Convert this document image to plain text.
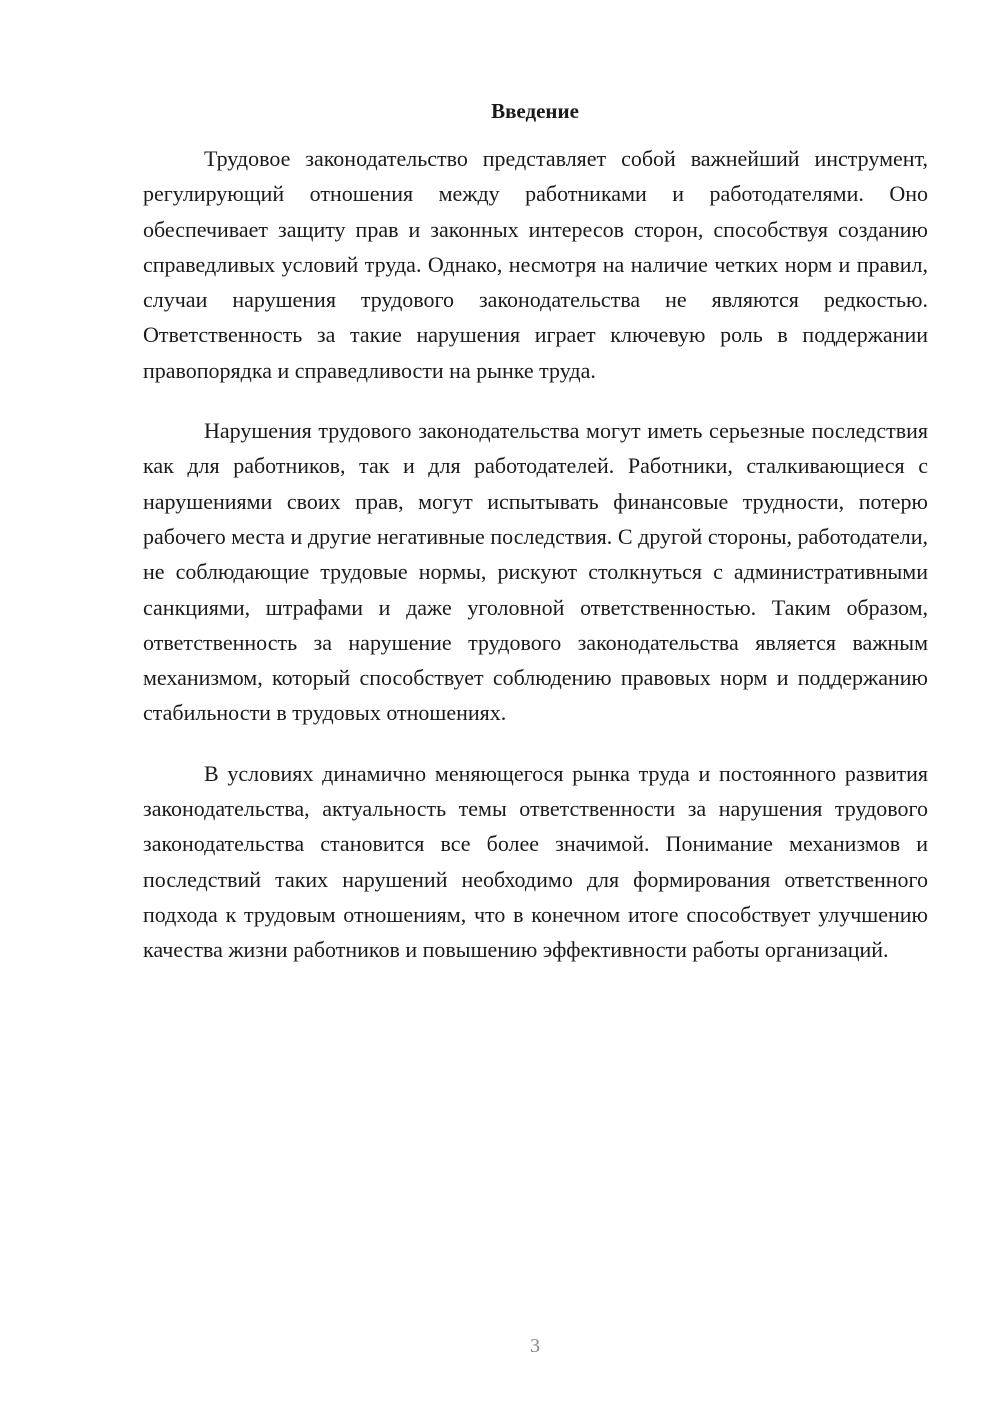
Введение

Трудовое законодательство представляет собой важнейший инструмент, регулирующий отношения между работниками и работодателями. Оно обеспечивает защиту прав и законных интересов сторон, способствуя созданию справедливых условий труда. Однако, несмотря на наличие четких норм и правил, случаи нарушения трудового законодательства не являются редкостью. Ответственность за такие нарушения играет ключевую роль в поддержании правопорядка и справедливости на рынке труда.

Нарушения трудового законодательства могут иметь серьезные последствия как для работников, так и для работодателей. Работники, сталкивающиеся с нарушениями своих прав, могут испытывать финансовые трудности, потерю рабочего места и другие негативные последствия. С другой стороны, работодатели, не соблюдающие трудовые нормы, рискуют столкнуться с административными санкциями, штрафами и даже уголовной ответственностью. Таким образом, ответственность за нарушение трудового законодательства является важным механизмом, который способствует соблюдению правовых норм и поддержанию стабильности в трудовых отношениях.

В условиях динамично меняющегося рынка труда и постоянного развития законодательства, актуальность темы ответственности за нарушения трудового законодательства становится все более значимой. Понимание механизмов и последствий таких нарушений необходимо для формирования ответственного подхода к трудовым отношениям, что в конечном итоге способствует улучшению качества жизни работников и повышению эффективности работы организаций.

3
